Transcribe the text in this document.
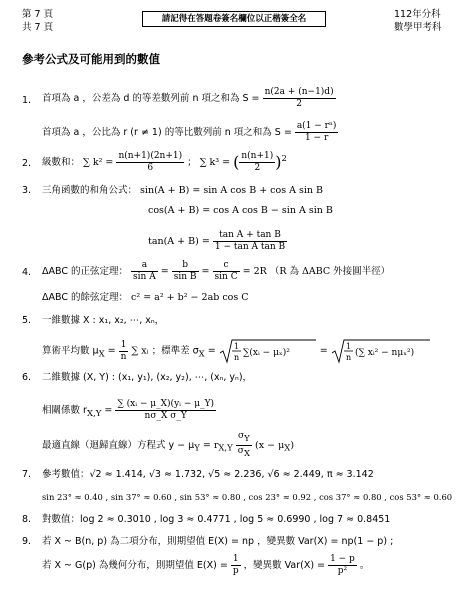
第 7 頁
共 7 頁
請記得在答題卷簽名欄位以正楷簽全名	112年分科
數學甲考科
參考公式及可能用到的數值
1. 首項為 a ，公差為 d 的等差數列前 n 項之和為 $S = \frac{n(2a + (n-1)d)}{2}$
首項為 a ，公比為 r (r ≠ 1) 的等比數列前 n 項之和為 $S = \frac{\text{a(1 − rⁿ)}}{1 - r}$
2. 級數和： ∑ $k^2 = \frac{n(n+1)(2n+1)}{6}$ ； ∑ k³ = ( $\frac{n(n+1)}{2} )^2$
3. 三角函數的和角公式： sin(A + B) = sin A cos B + cos A sin B
cos(A + B) = cos A cos B − sin A sin B
$\tan(A + B) = \frac{\text{tan A + tan B}}{\text{1 − tan A tan B}}$
4. ΔABC 的正弦定理： $\frac{a}{\text{sin A}} = \frac{b}{\text{sin B}} = \frac{c}{\text{sin C}} = 2R$ （R 為 ΔABC 外接圓半徑）
ΔABC 的餘弦定理： c² = a² + b² − 2ab cos C
5. 一維數據 X : x₁, x₂, ⋯, xₙ，
算術平均數 $\mu_X = \frac{1}{n}$ ∑ xᵢ ；標準差 $\sigma_X = 1$
n ∑(xᵢ − μₓ)²	= 1
n (∑ xᵢ² − nμₓ²)
6. 二維數據 (X, Y) : (x₁, y₁), (x₂, y₂), ⋯, (xₙ, yₙ)，
相關係數 $r_{X,Y} = \frac{\text{∑ (xᵢ − μ\_X)(yᵢ − μ\_Y)}}{\text{nσ\_X σ\_Y}}$
最適直線（迴歸直線）方程式 $y - \mu_Y = r_{X,Y} \frac{\sigma_Y}{\sigma_X} (x - \mu_X)$
7. 參考數值：√2 ≈ 1.414, √3 ≈ 1.732, √5 ≈ 2.236, √6 ≈ 2.449, π ≈ 3.142
sin 23° ≈ 0.40 , sin 37° ≈ 0.60 , sin 53° ≈ 0.80 , cos 23° ≈ 0.92 , cos 37° ≈ 0.80 , cos 53° ≈ 0.60
8. 對數值：log 2 ≈ 0.3010 , log 3 ≈ 0.4771 , log 5 ≈ 0.6990 , log 7 ≈ 0.8451
9. 若 X ~ B(n, p) 為二項分布，則期望值 E(X) = np ，變異數 Var(X) = np(1 − p) ;
若 X ~ G(p) 為幾何分布，則期望值 $E(X) = \frac{1}{p}$ ，變異數 $Var(X) = \frac{1 - p}{\text{p²}}$ 。
